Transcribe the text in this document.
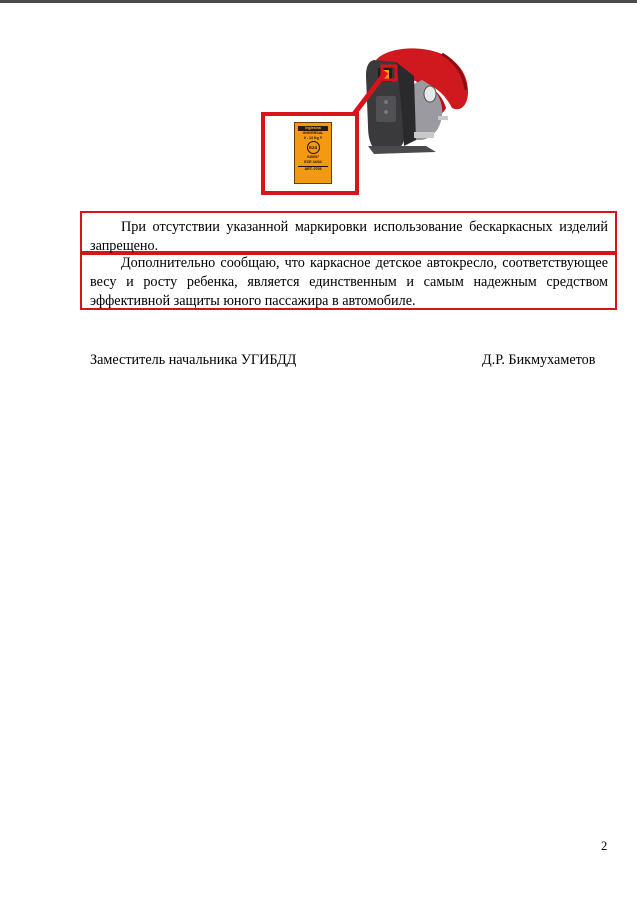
Inglesina
UNIVERSAL
0 - 13 Kg Y
E24
040057
ECE 44/04
ART. 0705

При отсутствии указанной маркировки использование бескаркасных изделий запрещено.

Дополнительно сообщаю, что каркасное детское автокресло, соответствующее весу и росту ребенка, является единственным и самым надежным средством эффективной защиты юного пассажира в автомобиле.

Заместитель начальника УГИБДД	Д.Р. Бикмухаметов
2
